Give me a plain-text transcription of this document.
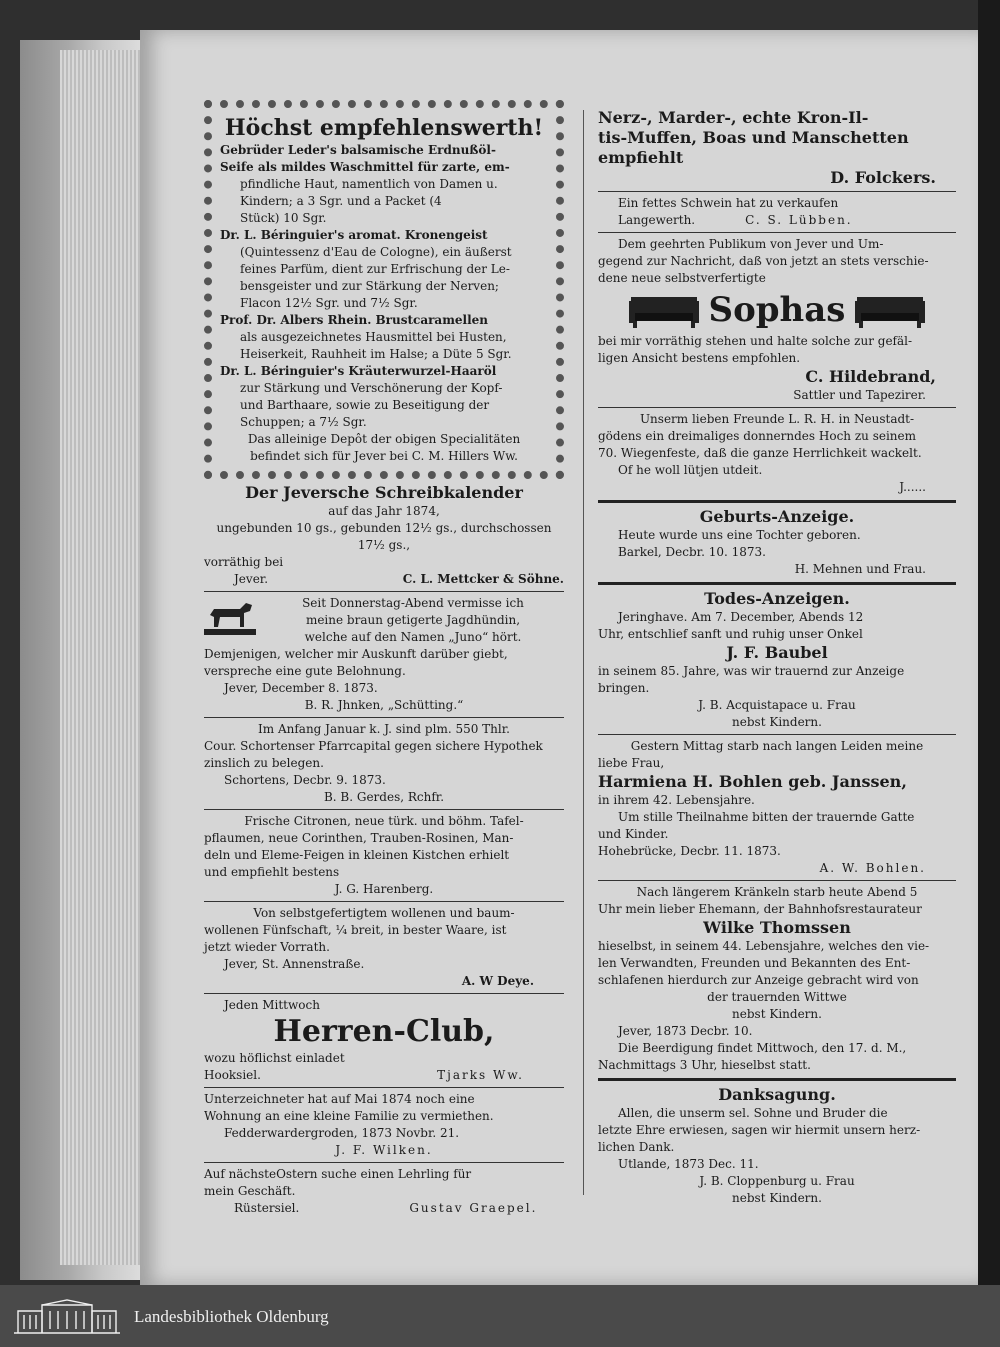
Höchst empfehlenswerth!

Gebrüder Leder's balsamische Erdnußöl-

Seife als mildes Waschmittel für zarte, em-

pfindliche Haut, namentlich von Damen u.

Kindern; a 3 Sgr. und a Packet (4

Stück) 10 Sgr.

Dr. L. Béringuier's aromat. Kronengeist

(Quintessenz d'Eau de Cologne), ein äußerst

feines Parfüm, dient zur Erfrischung der Le-

bensgeister und zur Stärkung der Nerven;

Flacon 12½ Sgr. und 7½ Sgr.

Prof. Dr. Albers Rhein. Brustcaramellen

als ausgezeichnetes Hausmittel bei Husten,

Heiserkeit, Rauhheit im Halse; a Düte 5 Sgr.

Dr. L. Béringuier's Kräuterwurzel-Haaröl

zur Stärkung und Verschönerung der Kopf-

und Barthaare, sowie zu Beseitigung der

Schuppen; a 7½ Sgr.

Das alleinige Depôt der obigen Specialitäten

befindet sich für Jever bei C. M. Hillers Ww.

Der Jeversche Schreibkalender

auf das Jahr 1874,

ungebunden 10 gs., gebunden 12½ gs., durchschossen

17½ gs.,

vorräthig bei

Jever.	C. L. Mettcker & Söhne.

Seit Donnerstag-Abend vermisse ich

meine braun getigerte Jagdhündin,

welche auf den Namen „Juno“ hört.

Demjenigen, welcher mir Auskunft darüber giebt,

verspreche eine gute Belohnung.

Jever, December 8. 1873.

B. R. Jhnken, „Schütting.“

Im Anfang Januar k. J. sind plm. 550 Thlr.

Cour. Schortenser Pfarrcapital gegen sichere Hypothek

zinslich zu belegen.

Schortens, Decbr. 9. 1873.

B. B. Gerdes, Rchfr.

Frische Citronen, neue türk. und böhm. Tafel-

pflaumen, neue Corinthen, Trauben-Rosinen, Man-

deln und Eleme-Feigen in kleinen Kistchen erhielt

und empfiehlt bestens

J. G. Harenberg.

Von selbstgefertigtem wollenen und baum-

wollenen Fünfschaft, ¼ breit, in bester Waare, ist

jetzt wieder Vorrath.

Jever, St. Annenstraße.

A. W Deye.

Jeden Mittwoch

Herren-Club,

wozu höflichst einladet

Hooksiel.	Tjarks Ww.

Unterzeichneter hat auf Mai 1874 noch eine

Wohnung an eine kleine Familie zu vermiethen.

Fedderwardergroden, 1873 Novbr. 21.

J. F. Wilken.

Auf nächsteOstern suche einen Lehrling für

mein Geschäft.

Rüstersiel.	Gustav Graepel.

Nerz-, Marder-, echte Kron-Il-

tis-Muffen, Boas und Manschetten

empfiehlt

D. Folckers.

Ein fettes Schwein hat zu verkaufen

Langewerth.	C. S. Lübben.

Dem geehrten Publikum von Jever und Um-

gegend zur Nachricht, daß von jetzt an stets verschie-

dene neue selbstverfertigte

Sophas

bei mir vorräthig stehen und halte solche zur gefäl-

ligen Ansicht bestens empfohlen.

C. Hildebrand,

Sattler und Tapezirer.

Unserm lieben Freunde L. R. H. in Neustadt-

gödens ein dreimaliges donnerndes Hoch zu seinem

70. Wiegenfeste, daß die ganze Herrlichkeit wackelt.

Of he woll lütjen utdeit.

J......

Geburts-Anzeige.

Heute wurde uns eine Tochter geboren.

Barkel, Decbr. 10. 1873.

H. Mehnen und Frau.

Todes-Anzeigen.

Jeringhave. Am 7. December, Abends 12

Uhr, entschlief sanft und ruhig unser Onkel

J. F. Baubel

in seinem 85. Jahre, was wir trauernd zur Anzeige

bringen.

J. B. Acquistapace u. Frau

nebst Kindern.

Gestern Mittag starb nach langen Leiden meine

liebe Frau,

Harmiena H. Bohlen geb. Janssen,

in ihrem 42. Lebensjahre.

Um stille Theilnahme bitten der trauernde Gatte

und Kinder.

Hohebrücke, Decbr. 11. 1873.

A. W. Bohlen.

Nach längerem Kränkeln starb heute Abend 5

Uhr mein lieber Ehemann, der Bahnhofsrestaurateur

Wilke Thomssen

hieselbst, in seinem 44. Lebensjahre, welches den vie-

len Verwandten, Freunden und Bekannten des Ent-

schlafenen hierdurch zur Anzeige gebracht wird von

der trauernden Wittwe

nebst Kindern.

Jever, 1873 Decbr. 10.

Die Beerdigung findet Mittwoch, den 17. d. M.,

Nachmittags 3 Uhr, hieselbst statt.

Danksagung.

Allen, die unserm sel. Sohne und Bruder die

letzte Ehre erwiesen, sagen wir hiermit unsern herz-

lichen Dank.

Utlande, 1873 Dec. 11.

J. B. Cloppenburg u. Frau

nebst Kindern.

Landesbibliothek Oldenburg
